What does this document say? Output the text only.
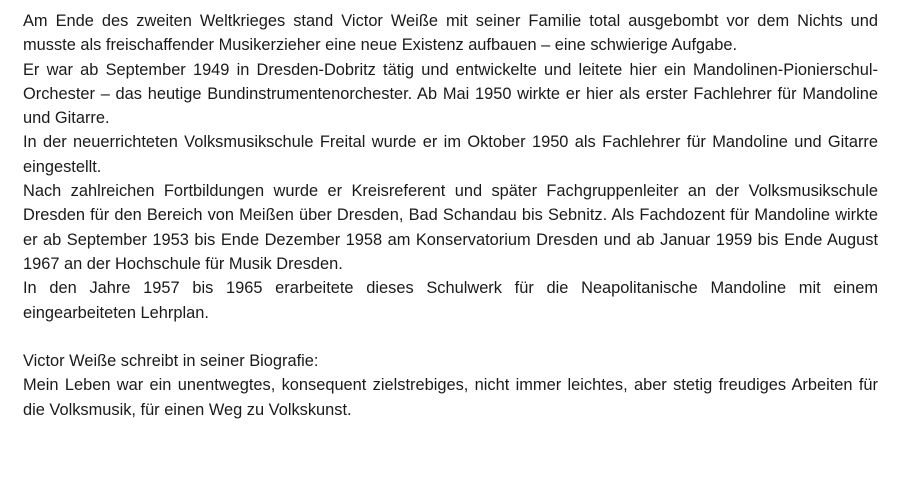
Am Ende des zweiten Weltkrieges stand Victor Weiße mit seiner Familie total ausgebombt vor dem Nichts und musste als freischaffender Musikerzieher eine neue Existenz aufbauen – eine schwierige Aufgabe.

Er war ab September 1949 in Dresden-Dobritz tätig und entwickelte und leitete hier ein Mandolinen-Pionierschul-Orchester – das heutige Bundinstrumentenorchester. Ab Mai 1950 wirkte er hier als erster Fachlehrer für Mandoline und Gitarre.

In der neuerrichteten Volksmusikschule Freital wurde er im Oktober 1950 als Fachlehrer für Mandoline und Gitarre eingestellt.

Nach zahlreichen Fortbildungen wurde er Kreisreferent und später Fachgruppenleiter an der Volksmusikschule Dresden für den Bereich von Meißen über Dresden, Bad Schandau bis Sebnitz. Als Fachdozent für Mandoline wirkte er ab September 1953 bis Ende Dezember 1958 am Konservatorium Dresden und ab Januar 1959 bis Ende August 1967 an der Hochschule für Musik Dresden.

In den Jahre 1957 bis 1965 erarbeitete dieses Schulwerk für die Neapolitanische Mandoline mit einem eingearbeiteten Lehrplan.

Victor Weiße schreibt in seiner Biografie:

Mein Leben war ein unentwegtes, konsequent zielstrebiges, nicht immer leichtes, aber stetig freudiges Arbeiten für die Volksmusik, für einen Weg zu Volkskunst.
